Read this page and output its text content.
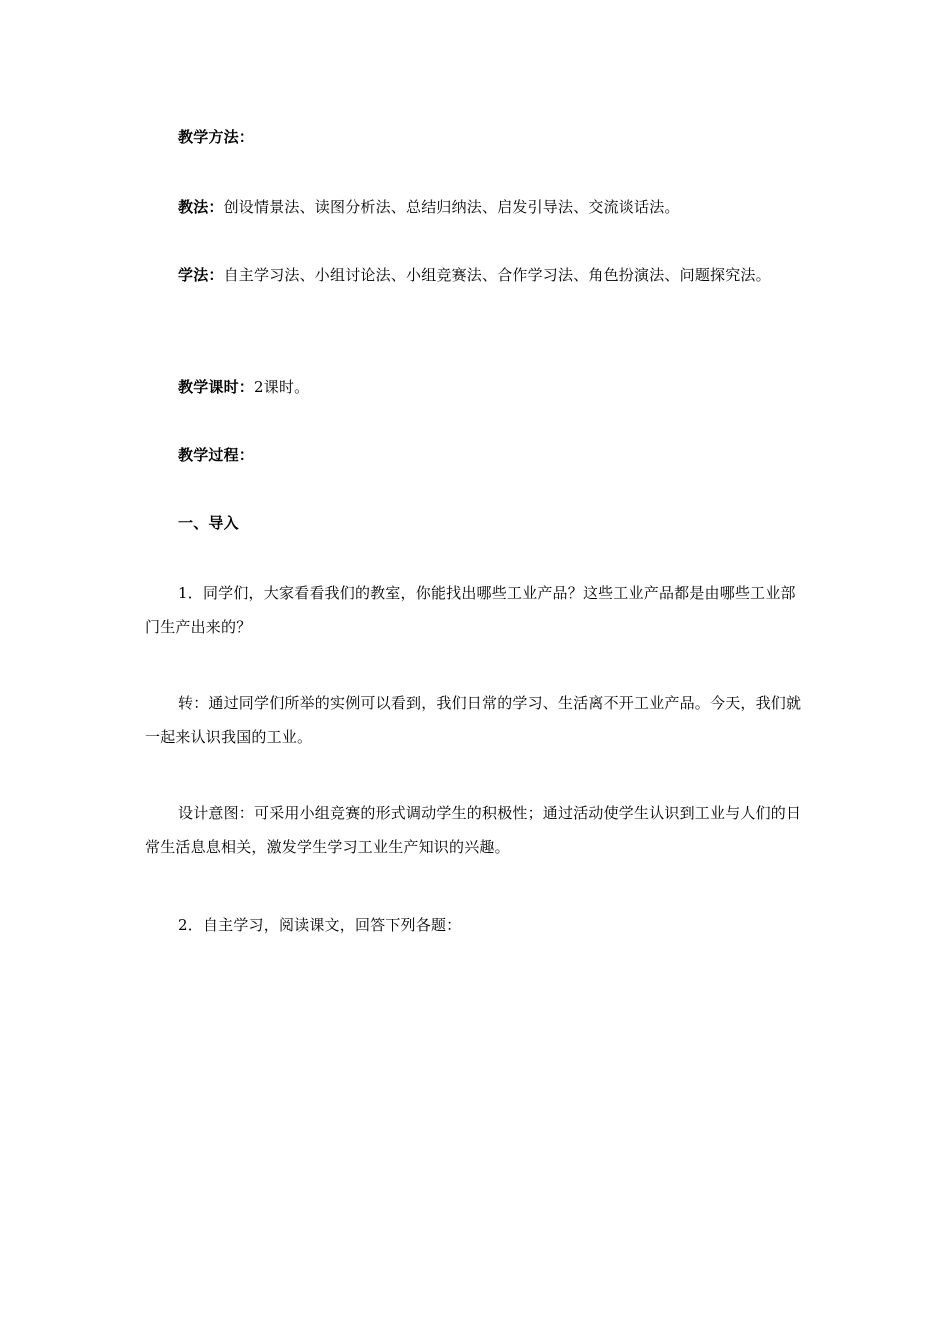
教学方法：

教法：创设情景法、读图分析法、总结归纳法、启发引导法、交流谈话法。

学法：自主学习法、小组讨论法、小组竞赛法、合作学习法、角色扮演法、问题探究法。

教学课时：2课时。

教学过程：

一、导入

1．同学们，大家看看我们的教室，你能找出哪些工业产品？这些工业产品都是由哪些工业部门生产出来的？

转：通过同学们所举的实例可以看到，我们日常的学习、生活离不开工业产品。今天，我们就一起来认识我国的工业。

设计意图：可采用小组竞赛的形式调动学生的积极性；通过活动使学生认识到工业与人们的日常生活息息相关，激发学生学习工业生产知识的兴趣。

2．自主学习，阅读课文，回答下列各题：
